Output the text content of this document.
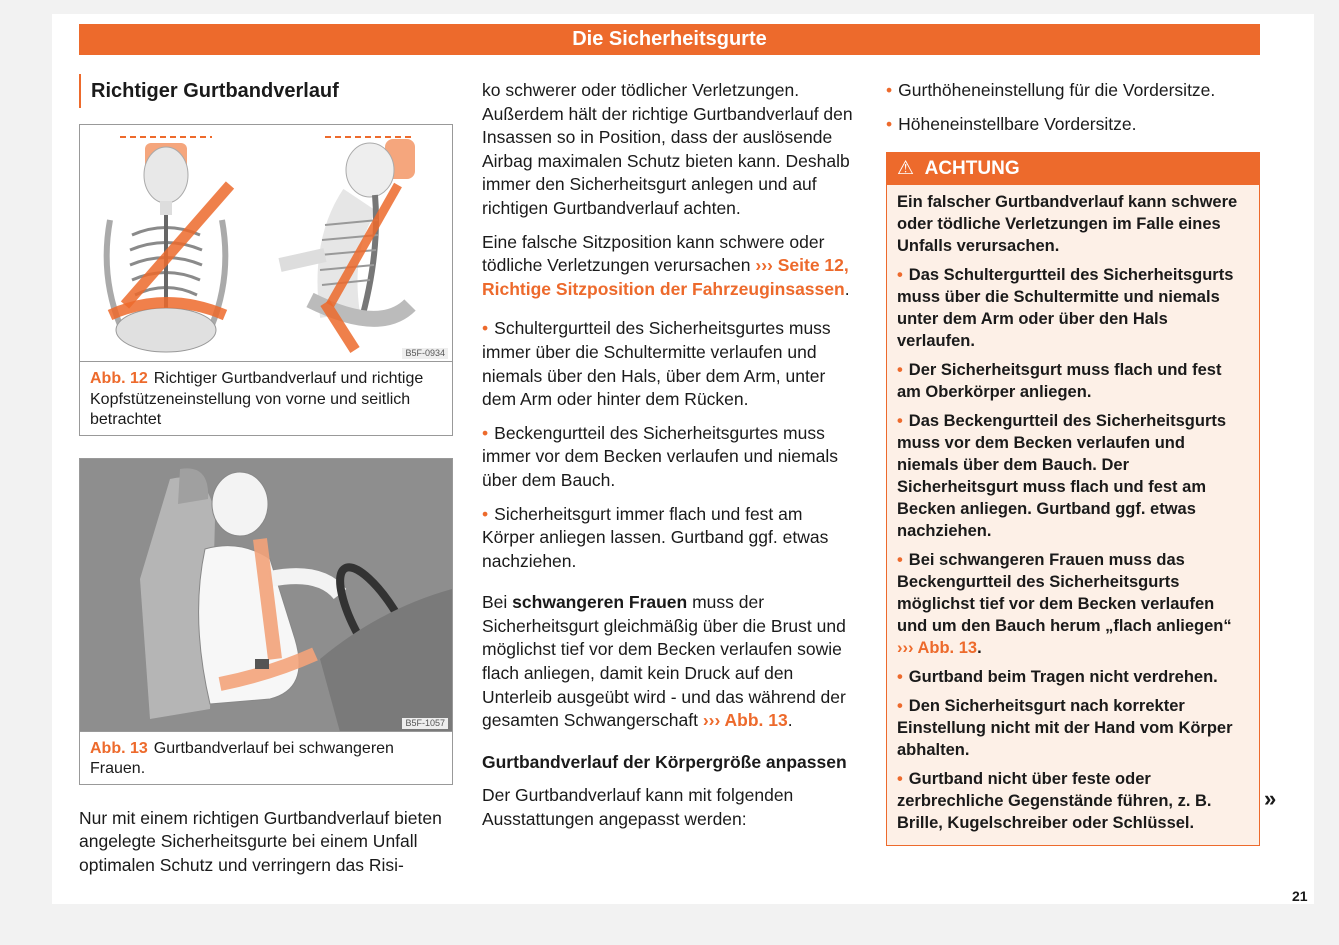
Die Sicherheitsgurte
Richtiger Gurtbandverlauf
B5F-0934
Abb. 12 Richtiger Gurtbandverlauf und richtige Kopfstützeneinstellung von vorne und seitlich betrachtet
B5F-1057
Abb. 13 Gurtbandverlauf bei schwangeren Frauen.

Nur mit einem richtigen Gurtbandverlauf bieten angelegte Sicherheitsgurte bei einem Unfall optimalen Schutz und verringern das Risi-

ko schwerer oder tödlicher Verletzungen. Außerdem hält der richtige Gurtbandverlauf den Insassen so in Position, dass der auslösende Airbag maximalen Schutz bieten kann. Deshalb immer den Sicherheitsgurt anlegen und auf richtigen Gurtbandverlauf achten.

Eine falsche Sitzposition kann schwere oder tödliche Verletzungen verursachen ››› Seite 12, Richtige Sitzposition der Fahrzeuginsassen.

• Schultergurtteil des Sicherheitsgurtes muss immer über die Schultermitte verlaufen und niemals über den Hals, über dem Arm, unter dem Arm oder hinter dem Rücken.

• Beckengurtteil des Sicherheitsgurtes muss immer vor dem Becken verlaufen und niemals über dem Bauch.

• Sicherheitsgurt immer flach und fest am Körper anliegen lassen. Gurtband ggf. etwas nachziehen.

Bei schwangeren Frauen muss der Sicherheitsgurt gleichmäßig über die Brust und möglichst tief vor dem Becken verlaufen sowie flach anliegen, damit kein Druck auf den Unterleib ausgeübt wird - und das während der gesamten Schwangerschaft ››› Abb. 13.

Gurtbandverlauf der Körpergröße anpassen

Der Gurtbandverlauf kann mit folgenden Ausstattungen angepasst werden:

• Gurthöheneinstellung für die Vordersitze.

• Höheneinstellbare Vordersitze.

⚠ ACHTUNG

Ein falscher Gurtbandverlauf kann schwere oder tödliche Verletzungen im Falle eines Unfalls verursachen.

• Das Schultergurtteil des Sicherheitsgurts muss über die Schultermitte und niemals unter dem Arm oder über den Hals verlaufen.

• Der Sicherheitsgurt muss flach und fest am Oberkörper anliegen.

• Das Beckengurtteil des Sicherheitsgurts muss vor dem Becken verlaufen und niemals über dem Bauch. Der Sicherheitsgurt muss flach und fest am Becken anliegen. Gurtband ggf. etwas nachziehen.

• Bei schwangeren Frauen muss das Beckengurtteil des Sicherheitsgurts möglichst tief vor dem Becken verlaufen und um den Bauch herum „flach anliegen“ ››› Abb. 13.

• Gurtband beim Tragen nicht verdrehen.

• Den Sicherheitsgurt nach korrekter Einstellung nicht mit der Hand vom Körper abhalten.

• Gurtband nicht über feste oder zerbrechliche Gegenstände führen, z. B. Brille, Kugelschreiber oder Schlüssel.

»
21
